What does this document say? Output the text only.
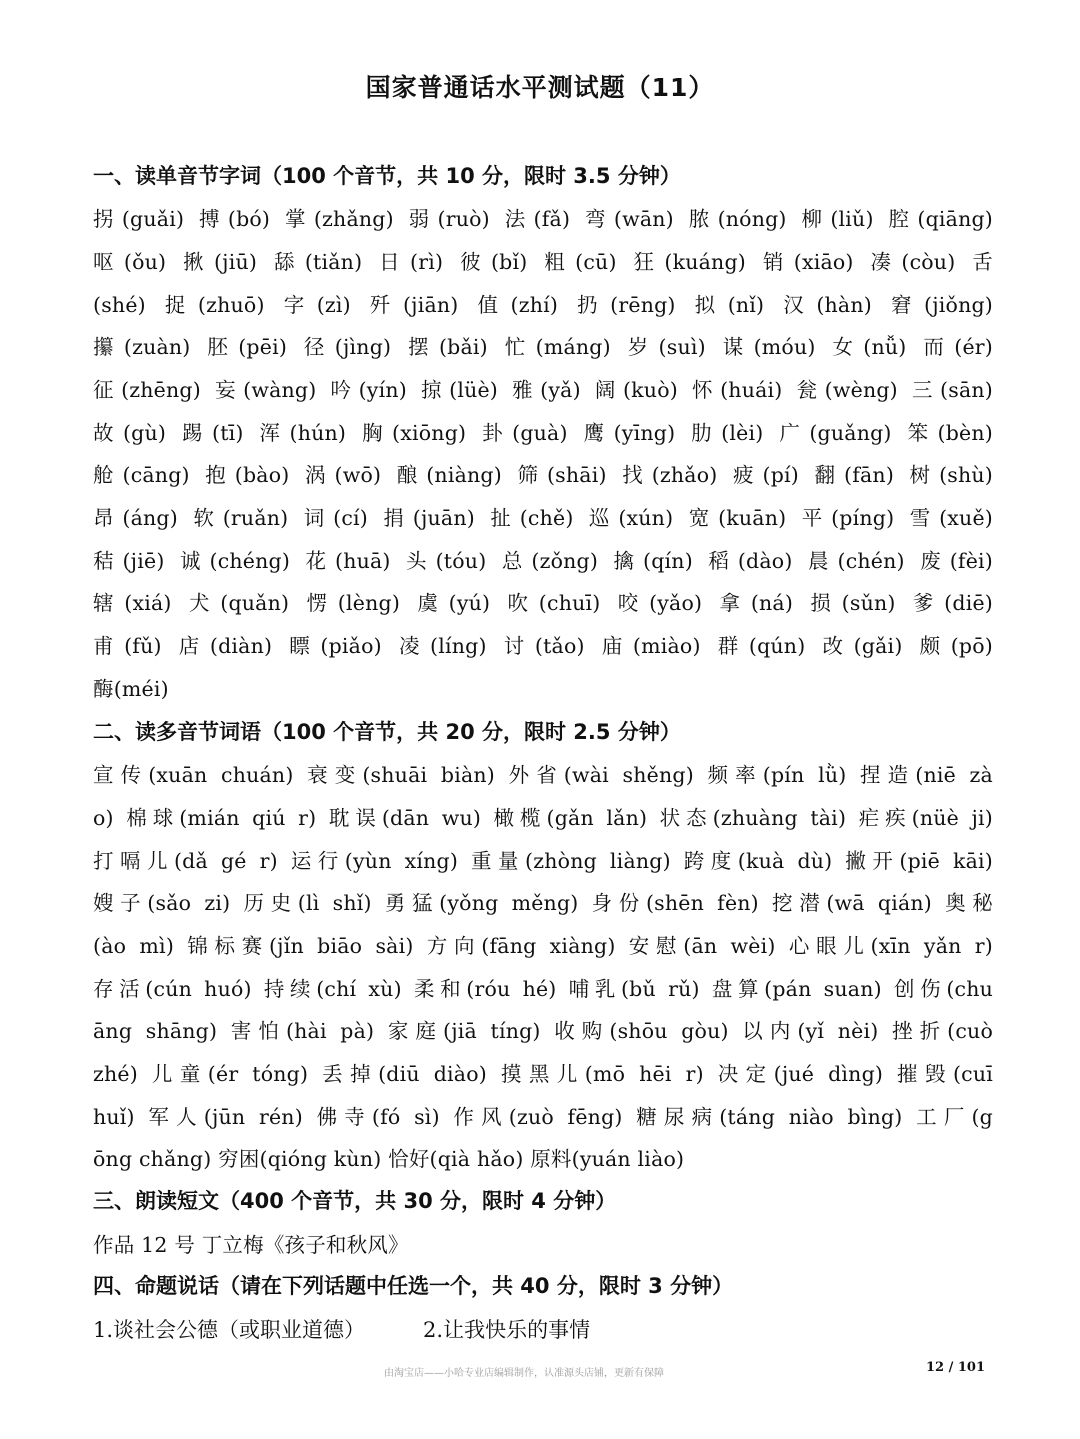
国家普通话水平测试题（11）
一、读单音节字词（100 个音节，共 10 分，限时 3.5 分钟）
拐(guǎi) 搏(bó) 掌(zhǎng) 弱(ruò) 法(fǎ) 弯(wān) 脓(nóng) 柳(liǔ) 腔(qiāng)
呕(ǒu) 揪(jiū) 舔(tiǎn) 日(rì) 彼(bǐ) 粗(cū) 狂(kuáng) 销(xiāo) 凑(còu) 舌
(shé) 捉(zhuō) 字(zì) 歼(jiān) 值(zhí) 扔(rēng) 拟(nǐ) 汉(hàn) 窘(jiǒng)
攥(zuàn) 胚(pēi) 径(jìng) 摆(bǎi) 忙(máng) 岁(suì) 谋(móu) 女(nǚ) 而(ér)
征(zhēng) 妄(wàng) 吟(yín) 掠(lüè) 雅(yǎ) 阔(kuò) 怀(huái) 瓮(wèng) 三(sān)
故(gù) 踢(tī) 浑(hún) 胸(xiōng) 卦(guà) 鹰(yīng) 肋(lèi) 广(guǎng) 笨(bèn)
舱(cāng) 抱(bào) 涡(wō) 酿(niàng) 筛(shāi) 找(zhǎo) 疲(pí) 翻(fān) 树(shù)
昂(áng) 软(ruǎn) 词(cí) 捐(juān) 扯(chě) 巡(xún) 宽(kuān) 平(píng) 雪(xuě)
秸(jiē) 诚(chéng) 花(huā) 头(tóu) 总(zǒng) 擒(qín) 稻(dào) 晨(chén) 废(fèi)
辖(xiá) 犬(quǎn) 愣(lèng) 虞(yú) 吹(chuī) 咬(yǎo) 拿(ná) 损(sǔn) 爹(diē)
甫(fǔ) 店(diàn) 瞟(piǎo) 凌(líng) 讨(tǎo) 庙(miào) 群(qún) 改(gǎi) 颇(pō)
酶(méi)
二、读多音节词语（100 个音节，共 20 分，限时 2.5 分钟）
宣传(xuān chuán) 衰变(shuāi biàn) 外省(wài shěng) 频率(pín lǜ) 捏造(niē zà
o) 棉球(mián qiú r) 耽误(dān wu) 橄榄(gǎn lǎn) 状态(zhuàng tài) 疟疾(nüè ji)
打嗝儿(dǎ gé r) 运行(yùn xíng) 重量(zhòng liàng) 跨度(kuà dù) 撇开(piē kāi)
嫂子(sǎo zi) 历史(lì shǐ) 勇猛(yǒng měng) 身份(shēn fèn) 挖潜(wā qián) 奥秘
(ào mì) 锦标赛(jǐn biāo sài) 方向(fāng xiàng) 安慰(ān wèi) 心眼儿(xīn yǎn r)
存活(cún huó) 持续(chí xù) 柔和(róu hé) 哺乳(bǔ rǔ) 盘算(pán suan) 创伤(chu
āng shāng) 害怕(hài pà) 家庭(jiā tíng) 收购(shōu gòu) 以内(yǐ nèi) 挫折(cuò
zhé) 儿童(ér tóng) 丢掉(diū diào) 摸黑儿(mō hēi r) 决定(jué dìng) 摧毁(cuī
huǐ) 军人(jūn rén) 佛寺(fó sì) 作风(zuò fēng) 糖尿病(táng niào bìng) 工厂(g
ōng chǎng) 穷困(qióng kùn) 恰好(qià hǎo) 原料(yuán liào)
三、朗读短文（400 个音节，共 30 分，限时 4 分钟）
作品 12 号 丁立梅《孩子和秋风》
四、命题说话（请在下列话题中任选一个，共 40 分，限时 3 分钟）
1.谈社会公德（或职业道德）	2.让我快乐的事情
由淘宝店——小哈专业店编辑制作，认准源头店铺，更新有保障	12 / 101
